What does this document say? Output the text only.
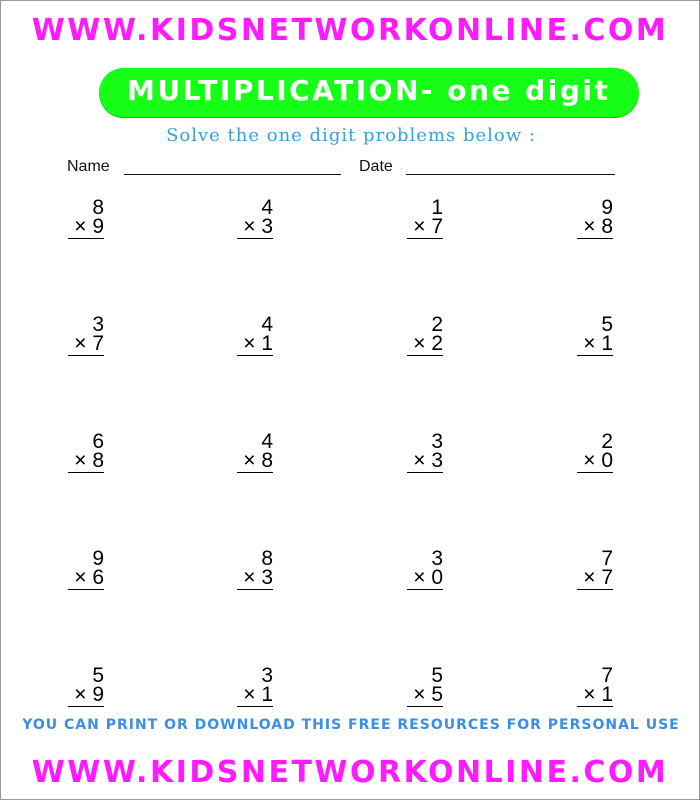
WWW.KIDSNETWORKONLINE.COM
MULTIPLICATION- one digit
Solve the one digit problems below :
Name	Date
8
× 9
4
× 3
1
× 7
9
× 8
3
× 7
4
× 1
2
× 2
5
× 1
6
× 8
4
× 8
3
× 3
2
× 0
9
× 6
8
× 3
3
× 0
7
× 7
5
× 9
3
× 1
5
× 5
7
× 1
YOU CAN PRINT OR DOWNLOAD THIS FREE RESOURCES FOR PERSONAL USE
WWW.KIDSNETWORKONLINE.COM
